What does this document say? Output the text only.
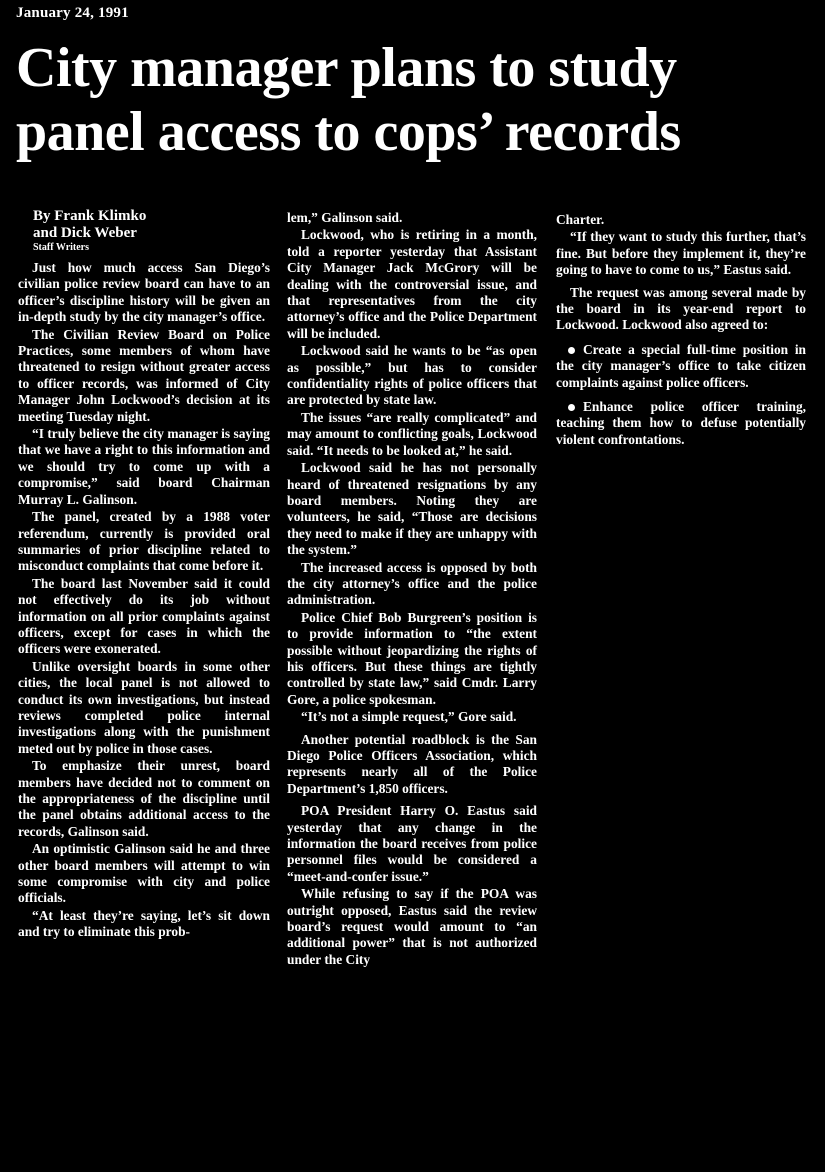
January 24, 1991
City manager plans to study
panel access to cops’ records
By Frank Klimko
and Dick Weber
Staff Writers

Just how much access San Diego’s civilian police review board can have to an officer’s discipline history will be given an in-depth study by the city manager’s office.

The Civilian Review Board on Police Practices, some members of whom have threatened to resign without greater access to officer records, was informed of City Manager John Lockwood’s decision at its meeting Tuesday night.

“I truly believe the city manager is saying that we have a right to this information and we should try to come up with a compromise,” said board Chairman Murray L. Galinson.

The panel, created by a 1988 voter referendum, currently is provided oral summaries of prior discipline related to misconduct complaints that come before it.

The board last November said it could not effectively do its job without information on all prior complaints against officers, except for cases in which the officers were exonerated.

Unlike oversight boards in some other cities, the local panel is not allowed to conduct its own investigations, but instead reviews completed police internal investigations along with the punishment meted out by police in those cases.

To emphasize their unrest, board members have decided not to comment on the appropriateness of the discipline until the panel obtains additional access to the records, Galinson said.

An optimistic Galinson said he and three other board members will attempt to win some compromise with city and police officials.

“At least they’re saying, let’s sit down and try to eliminate this prob-

lem,” Galinson said.

Lockwood, who is retiring in a month, told a reporter yesterday that Assistant City Manager Jack McGrory will be dealing with the controversial issue, and that representatives from the city attorney’s office and the Police Department will be included.

Lockwood said he wants to be “as open as possible,” but has to consider confidentiality rights of police officers that are protected by state law.

The issues “are really complicated” and may amount to conflicting goals, Lockwood said. “It needs to be looked at,” he said.

Lockwood said he has not personally heard of threatened resignations by any board members. Noting they are volunteers, he said, “Those are decisions they need to make if they are unhappy with the system.”

The increased access is opposed by both the city attorney’s office and the police administration.

Police Chief Bob Burgreen’s position is to provide information to “the extent possible without jeopardizing the rights of his officers. But these things are tightly controlled by state law,” said Cmdr. Larry Gore, a police spokesman.

“It’s not a simple request,” Gore said.

Another potential roadblock is the San Diego Police Officers Association, which represents nearly all of the Police Department’s 1,850 officers.

POA President Harry O. Eastus said yesterday that any change in the information the board receives from police personnel files would be considered a “meet-and-confer issue.”

While refusing to say if the POA was outright opposed, Eastus said the review board’s request would amount to “an additional power” that is not authorized under the City

Charter.

“If they want to study this further, that’s fine. But before they implement it, they’re going to have to come to us,” Eastus said.

The request was among several made by the board in its year-end report to Lockwood. Lockwood also agreed to:

Create a special full-time position in the city manager’s office to take citizen complaints against police officers.

Enhance police officer training, teaching them how to defuse potentially violent confrontations.
